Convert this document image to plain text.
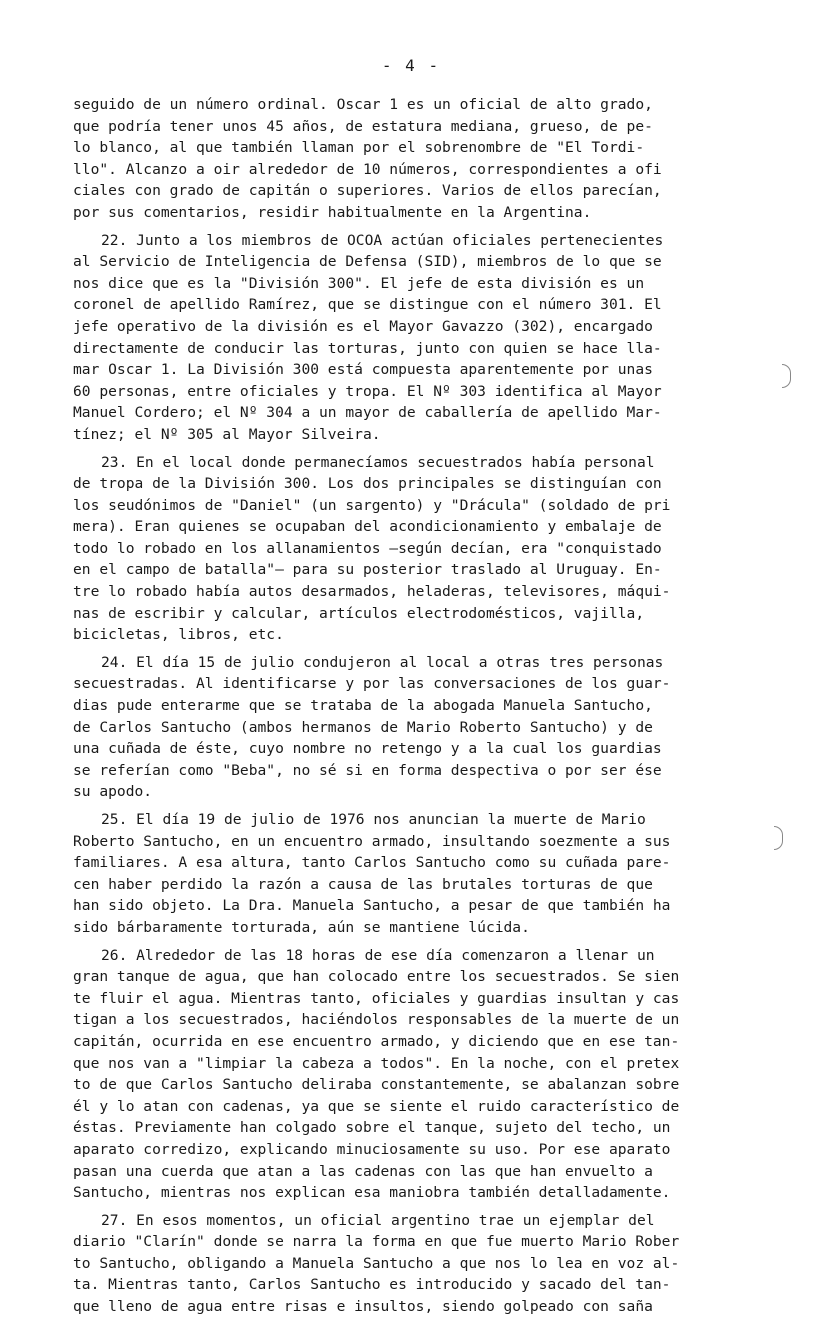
- 4 -
seguido de un número ordinal. Oscar 1 es un oficial de alto grado,
que podría tener unos 45 años, de estatura mediana, grueso, de pe-
lo blanco, al que también llaman por el sobrenombre de "El Tordi-
llo". Alcanzo a oir alrededor de 10 números, correspondientes a ofi
ciales con grado de capitán o superiores. Varios de ellos parecían,
por sus comentarios, residir habitualmente en la Argentina.
22. Junto a los miembros de OCOA actúan oficiales pertenecientes
al Servicio de Inteligencia de Defensa (SID), miembros de lo que se
nos dice que es la "División 300". El jefe de esta división es un
coronel de apellido Ramírez, que se distingue con el número 301. El
jefe operativo de la división es el Mayor Gavazzo (302), encargado
directamente de conducir las torturas, junto con quien se hace lla-
mar Oscar 1. La División 300 está compuesta aparentemente por unas
60 personas, entre oficiales y tropa. El Nº 303 identifica al Mayor
Manuel Cordero; el Nº 304 a un mayor de caballería de apellido Mar-
tínez; el Nº 305 al Mayor Silveira.
23. En el local donde permanecíamos secuestrados había personal
de tropa de la División 300. Los dos principales se distinguían con
los seudónimos de "Daniel" (un sargento) y "Drácula" (soldado de pri
mera). Eran quienes se ocupaban del acondicionamiento y embalaje de
todo lo robado en los allanamientos —según decían, era "conquistado
en el campo de batalla"— para su posterior traslado al Uruguay. En-
tre lo robado había autos desarmados, heladeras, televisores, máqui-
nas de escribir y calcular, artículos electrodomésticos, vajilla,
bicicletas, libros, etc.
24. El día 15 de julio condujeron al local a otras tres personas
secuestradas. Al identificarse y por las conversaciones de los guar-
dias pude enterarme que se trataba de la abogada Manuela Santucho,
de Carlos Santucho (ambos hermanos de Mario Roberto Santucho) y de
una cuñada de éste, cuyo nombre no retengo y a la cual los guardias
se referían como "Beba", no sé si en forma despectiva o por ser ése
su apodo.
25. El día 19 de julio de 1976 nos anuncian la muerte de Mario
Roberto Santucho, en un encuentro armado, insultando soezmente a sus
familiares. A esa altura, tanto Carlos Santucho como su cuñada pare-
cen haber perdido la razón a causa de las brutales torturas de que
han sido objeto. La Dra. Manuela Santucho, a pesar de que también ha
sido bárbaramente torturada, aún se mantiene lúcida.
26. Alrededor de las 18 horas de ese día comenzaron a llenar un
gran tanque de agua, que han colocado entre los secuestrados. Se sien
te fluir el agua. Mientras tanto, oficiales y guardias insultan y cas
tigan a los secuestrados, haciéndolos responsables de la muerte de un
capitán, ocurrida en ese encuentro armado, y diciendo que en ese tan-
que nos van a "limpiar la cabeza a todos". En la noche, con el pretex
to de que Carlos Santucho deliraba constantemente, se abalanzan sobre
él y lo atan con cadenas, ya que se siente el ruido característico de
éstas. Previamente han colgado sobre el tanque, sujeto del techo, un
aparato corredizo, explicando minuciosamente su uso. Por ese aparato
pasan una cuerda que atan a las cadenas con las que han envuelto a
Santucho, mientras nos explican esa maniobra también detalladamente.
27. En esos momentos, un oficial argentino trae un ejemplar del
diario "Clarín" donde se narra la forma en que fue muerto Mario Rober
to Santucho, obligando a Manuela Santucho a que nos lo lea en voz al-
ta. Mientras tanto, Carlos Santucho es introducido y sacado del tan-
que lleno de agua entre risas e insultos, siendo golpeado con saña
